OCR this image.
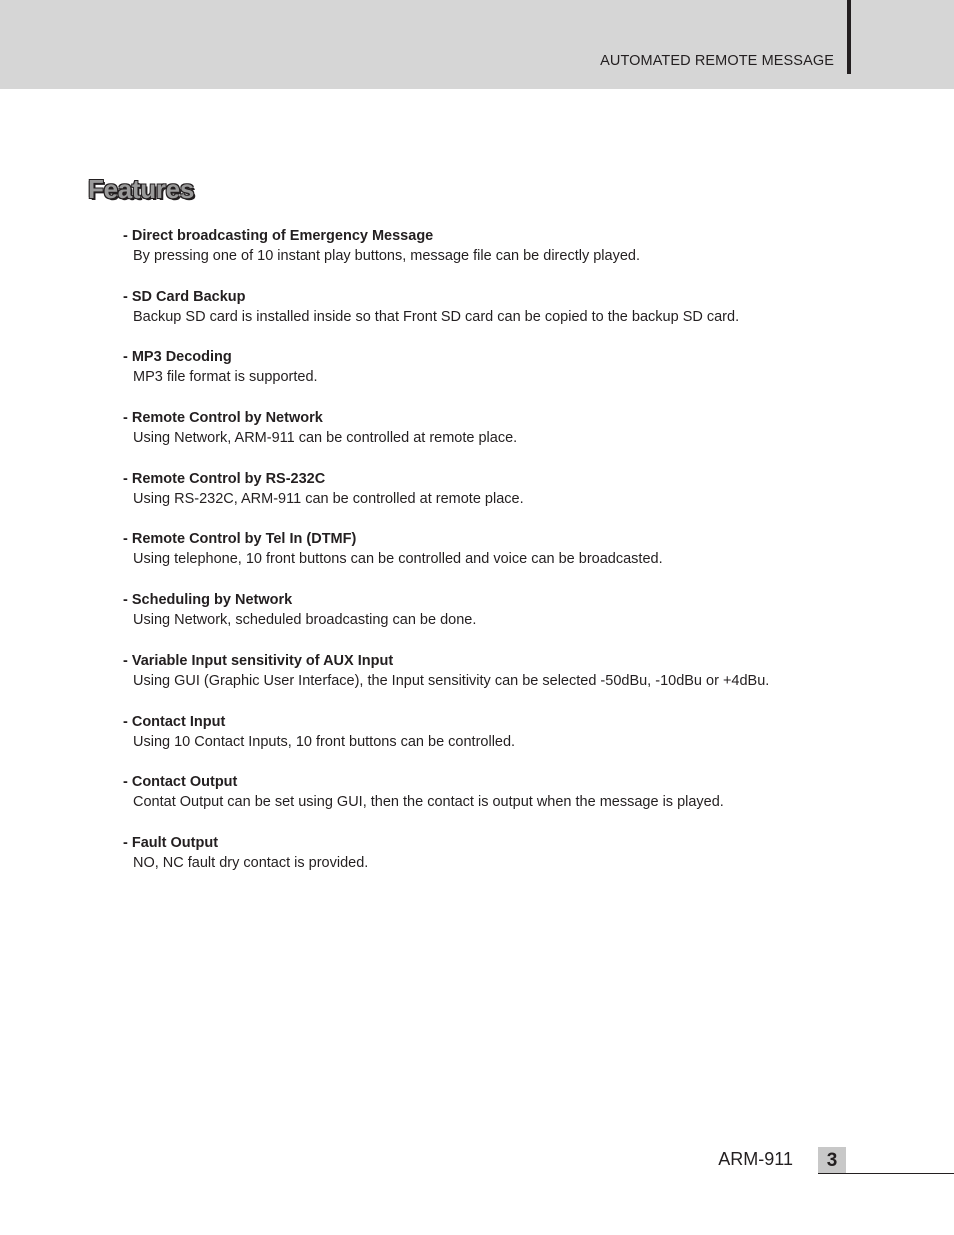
AUTOMATED REMOTE MESSAGE
Features
- Direct broadcasting of Emergency Message
By pressing one of 10 instant play buttons, message file can be directly played.
- SD Card Backup
Backup SD card is installed inside so that Front SD card can be copied to the backup SD card.
- MP3 Decoding
MP3 file format is supported.
- Remote Control by Network
Using Network, ARM-911 can be controlled at remote place.
- Remote Control by RS-232C
Using RS-232C, ARM-911 can be controlled at remote place.
- Remote Control by Tel In (DTMF)
Using telephone, 10 front buttons can be controlled and voice can be broadcasted.
- Scheduling by Network
Using Network, scheduled broadcasting can be done.
- Variable Input sensitivity of AUX Input
Using GUI (Graphic User Interface), the Input sensitivity can be selected -50dBu, -10dBu or +4dBu.
- Contact Input
Using 10 Contact Inputs, 10 front buttons can be controlled.
- Contact Output
Contat Output can be set using GUI, then the contact is output when the message is played.
- Fault Output
NO, NC fault dry contact is provided.
ARM-911	3
